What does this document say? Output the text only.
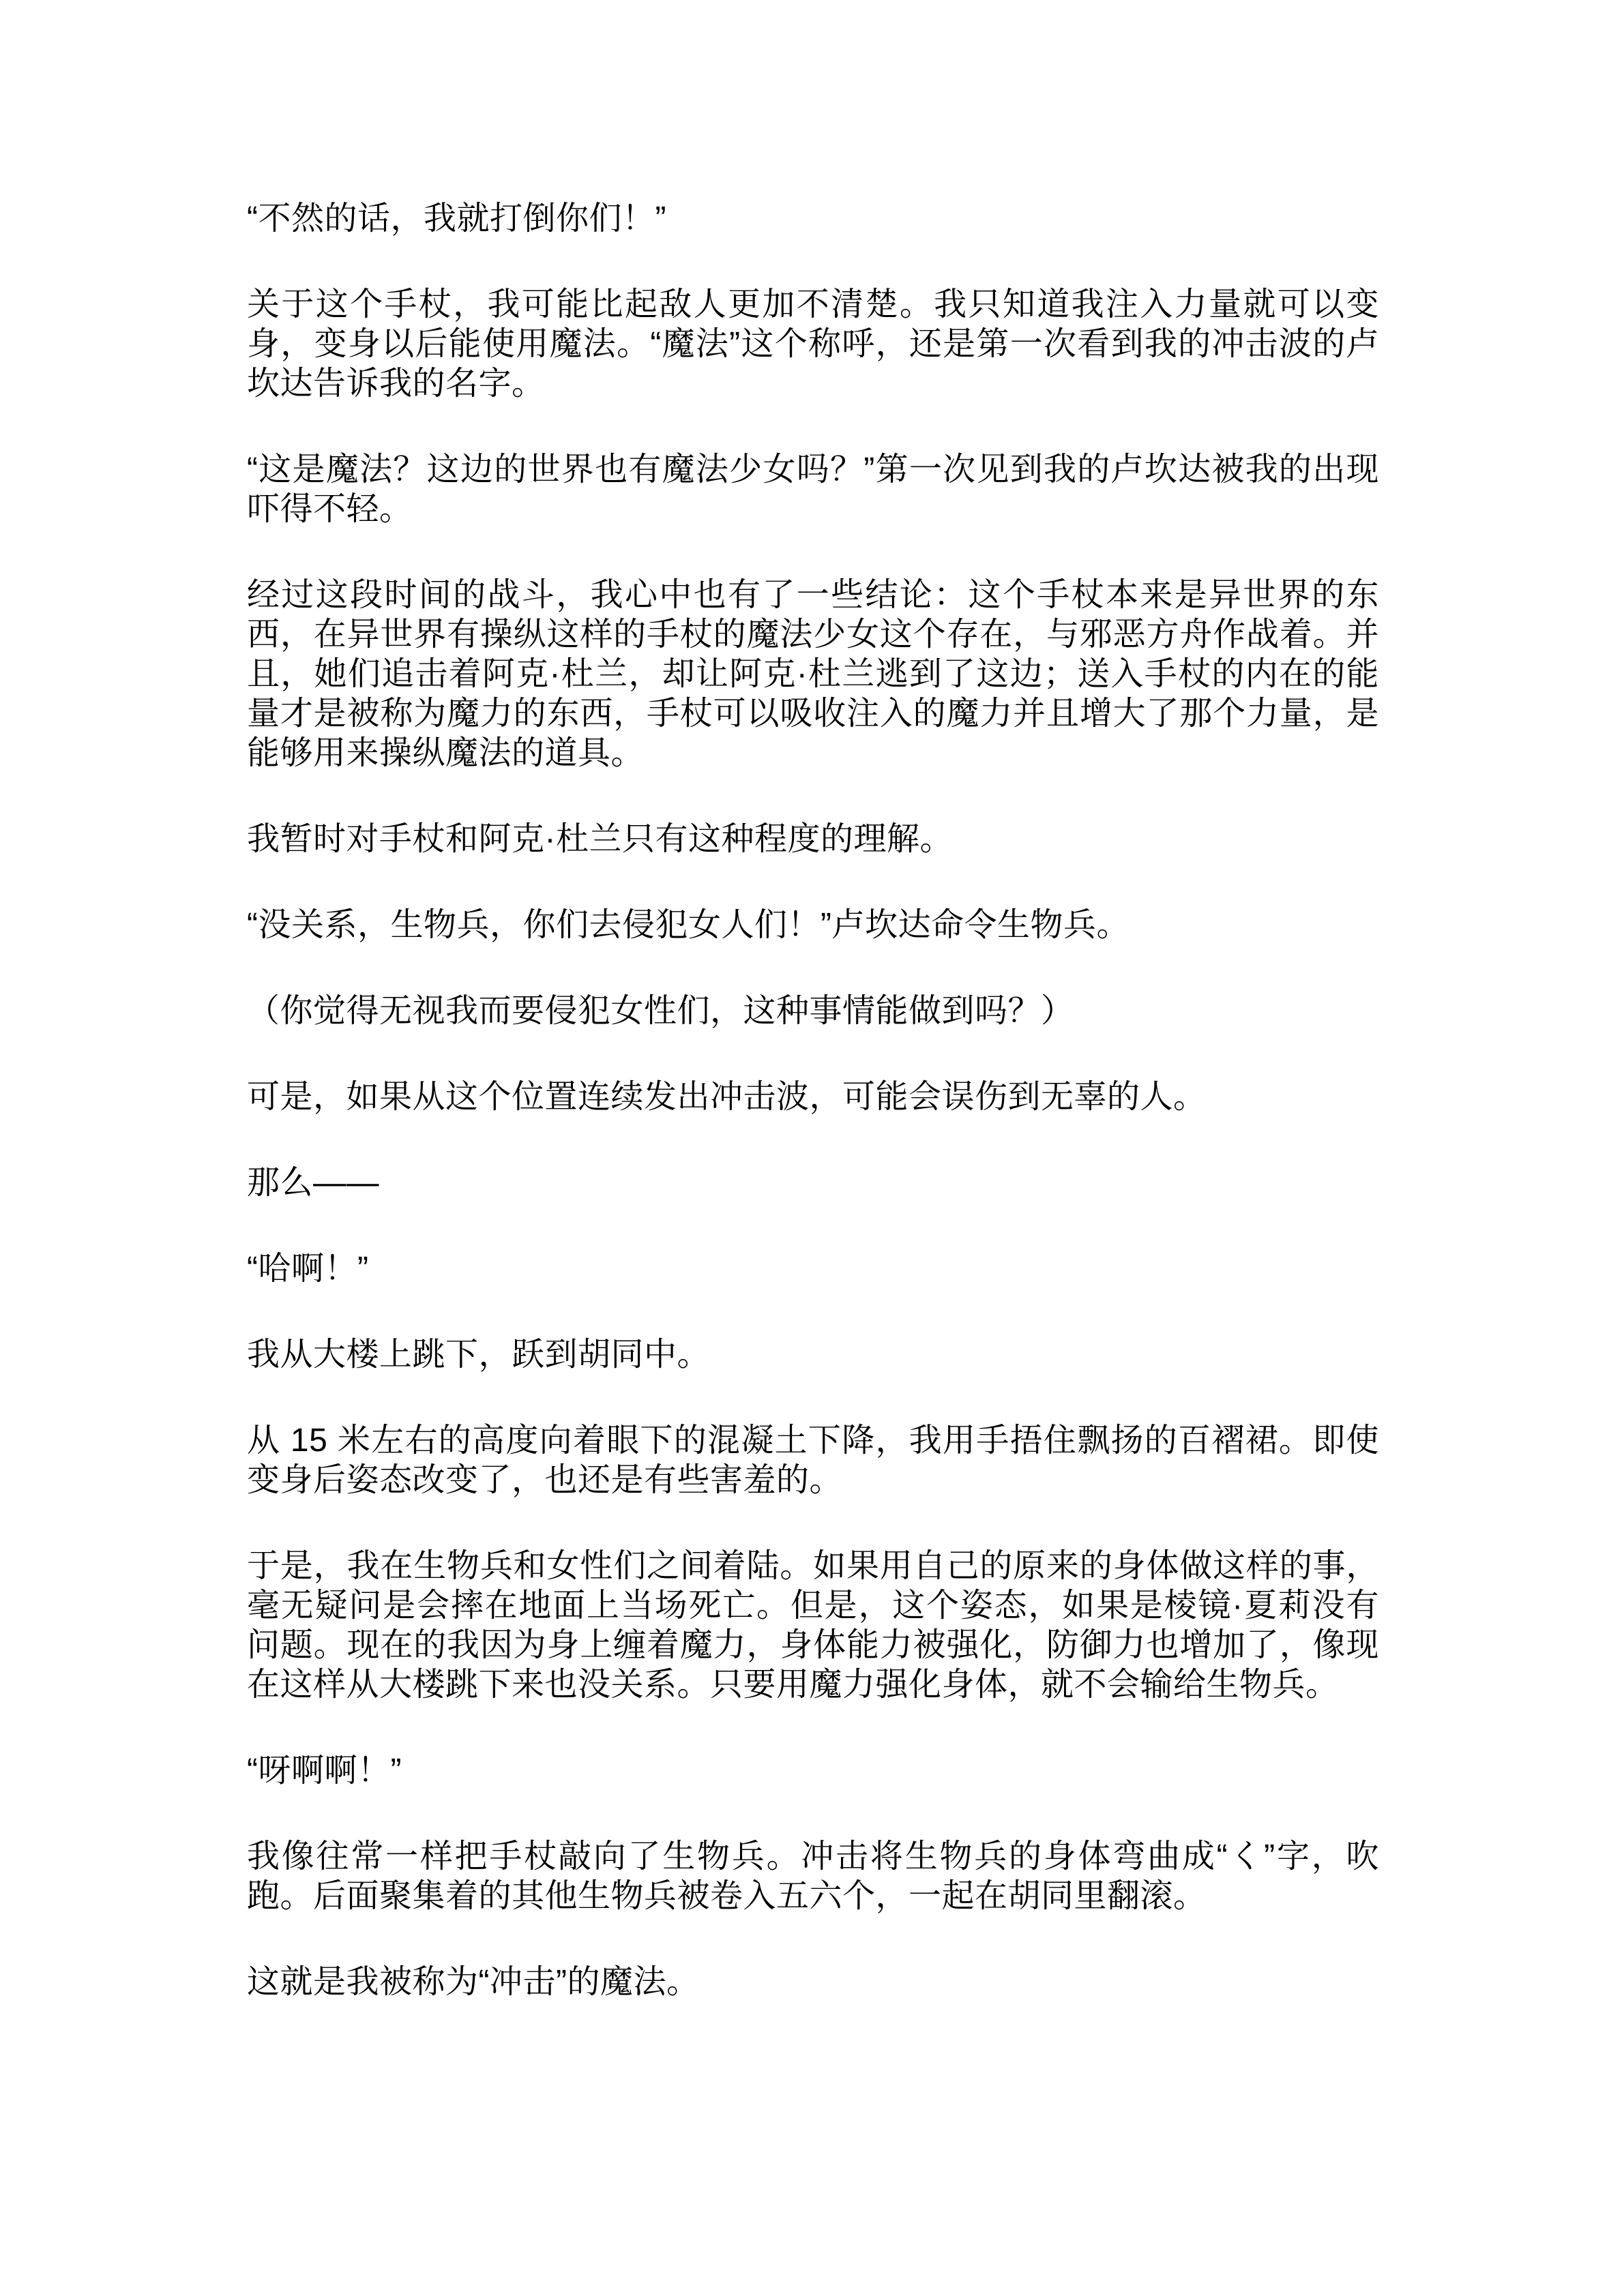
“不然的话，我就打倒你们！”

关于这个手杖，我可能比起敌人更加不清楚。我只知道我注入力量就可以变身，变身以后能使用魔法。“魔法”这个称呼，还是第一次看到我的冲击波的卢坎达告诉我的名字。

“这是魔法？这边的世界也有魔法少女吗？”第一次见到我的卢坎达被我的出现吓得不轻。

经过这段时间的战斗，我心中也有了一些结论：这个手杖本来是异世界的东西，在异世界有操纵这样的手杖的魔法少女这个存在，与邪恶方舟作战着。并且，她们追击着阿克·杜兰，却让阿克·杜兰逃到了这边；送入手杖的内在的能量才是被称为魔力的东西，手杖可以吸收注入的魔力并且增大了那个力量，是能够用来操纵魔法的道具。

我暂时对手杖和阿克·杜兰只有这种程度的理解。

“没关系，生物兵，你们去侵犯女人们！”卢坎达命令生物兵。

（你觉得无视我而要侵犯女性们，这种事情能做到吗？）

可是，如果从这个位置连续发出冲击波，可能会误伤到无辜的人。

那么——

“哈啊！”

我从大楼上跳下，跃到胡同中。

从 15 米左右的高度向着眼下的混凝土下降，我用手捂住飘扬的百褶裙。即使变身后姿态改变了，也还是有些害羞的。

于是，我在生物兵和女性们之间着陆。如果用自己的原来的身体做这样的事，毫无疑问是会摔在地面上当场死亡。但是，这个姿态，如果是棱镜·夏莉没有问题。现在的我因为身上缠着魔力，身体能力被强化，防御力也增加了，像现在这样从大楼跳下来也没关系。只要用魔力强化身体，就不会输给生物兵。

“呀啊啊！”

我像往常一样把手杖敲向了生物兵。冲击将生物兵的身体弯曲成“く”字，吹跑。后面聚集着的其他生物兵被卷入五六个，一起在胡同里翻滚。

这就是我被称为“冲击”的魔法。
